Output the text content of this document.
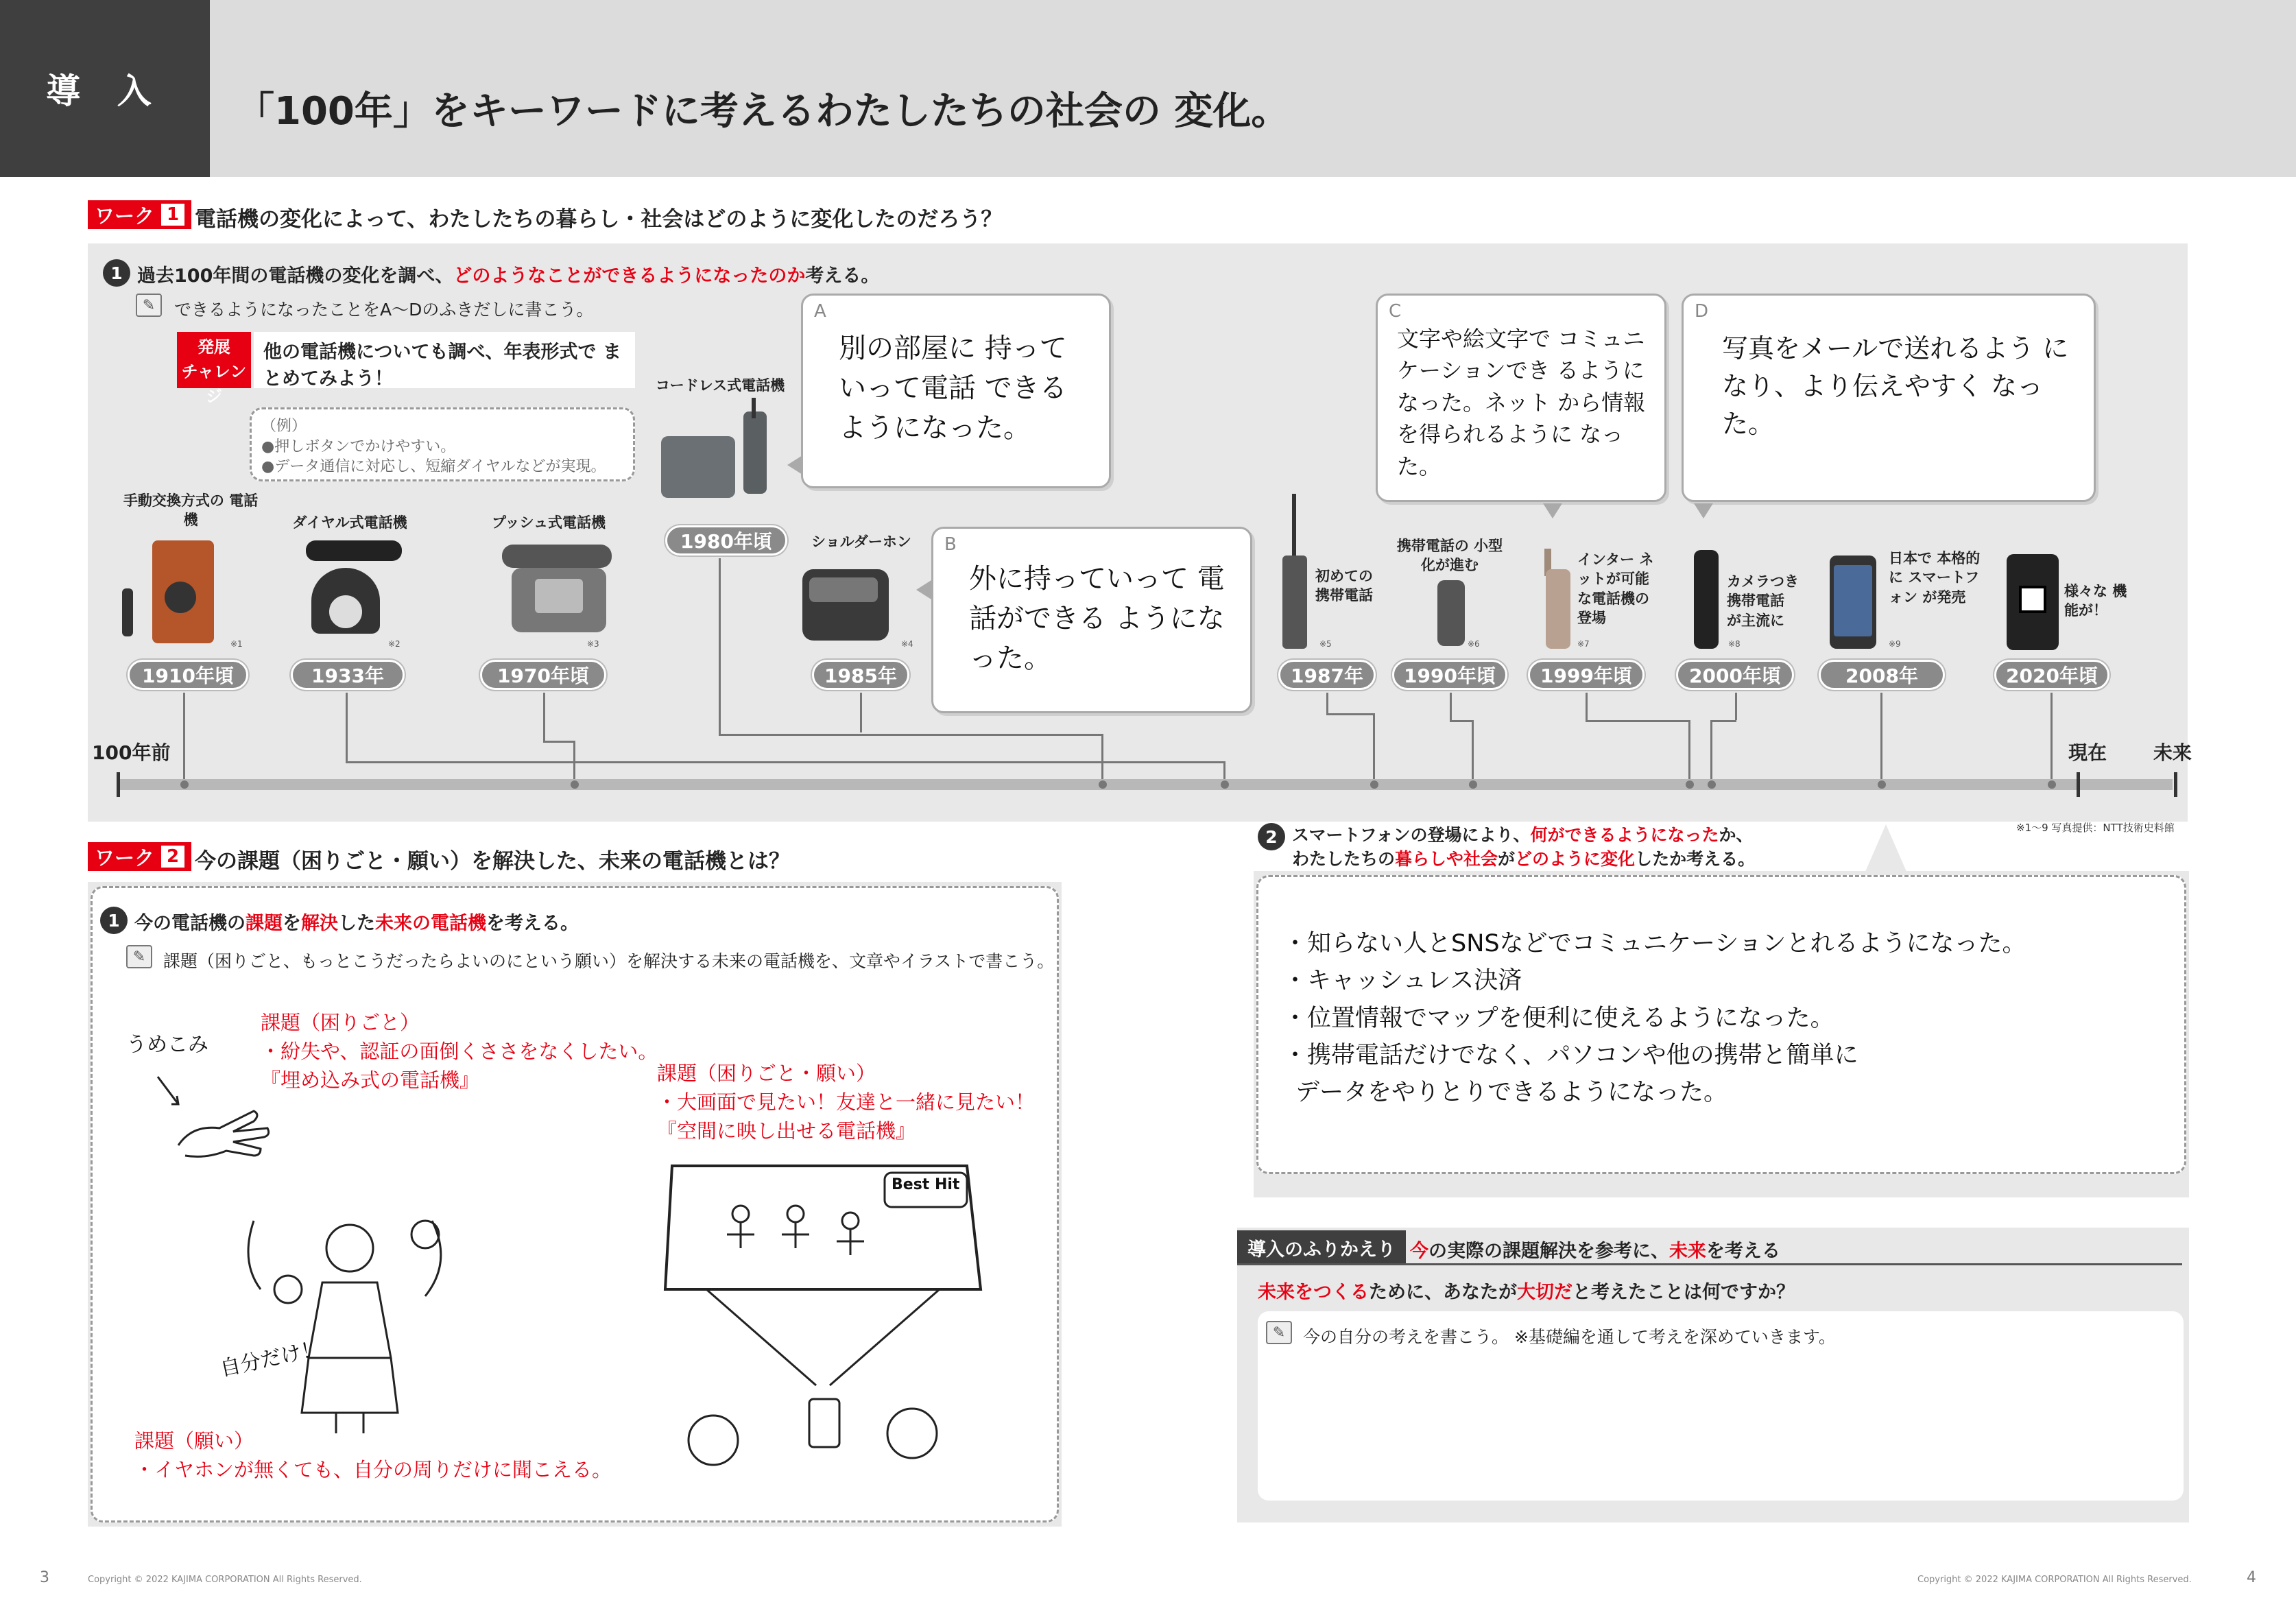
導 入	「100年」をキーワードに考えるわたしたちの社会の 変化。
ワーク 1 電話機の変化によって、わたしたちの暮らし・社会はどのように変化したのだろう？
1 過去100年間の電話機の変化を調べ、どのようなことができるようになったのか考える。
✎	できるようになったことをA〜Dのふきだしに書こう。
発展
チャレンジ
他の電話機についても調べ、年表形式で まとめてみよう！
（例）
●押しボタンでかけやすい。
●データ通信に対応し、短縮ダイヤルなどが実現。
A
別の部屋に 持っていって電話 できるようになった。
B
外に持っていって 電話ができる ようになった。
C
文字や絵文字で コミュニケーションでき るようになった。ネット から情報を得られるように なった。
D
写真をメールで送れるよう になり、より伝えやすく なった。
手動交換方式の 電話機
※1
1910年頃
ダイヤル式電話機
※2
1933年
プッシュ式電話機
※3
1970年頃
コードレス式電話機
1980年頃	ショルダーホン
※4
1985年
※5
初めての 携帯電話
1987年
携帯電話の 小型化が進む
※6
1990年頃
インター ネットが可能 な電話機の 登場
※7
1999年頃
カメラつき 携帯電話 が主流に
※8
2000年頃
日本で 本格的に スマートフォン が発売
※9
2008年
様々な 機能が！
2020年頃
100年前	現在 未来
※1〜9 写真提供：NTT技術史料館
2 スマートフォンの登場により、何ができるようになったか、
わたしたちの暮らしや社会がどのように変化したか考える。
・知らない人とSNSなどでコミュニケーションとれるようになった。
・キャッシュレス決済
・位置情報でマップを便利に使えるようになった。
・携帯電話だけでなく、パソコンや他の携帯と簡単に
データをやりとりできるようになった。
ワーク 2 今の課題（困りごと・願い）を解決した、未来の電話機とは？
1 今の電話機の課題を解決した未来の電話機を考える。
✎	課題（困りごと、もっとこうだったらよいのにという願い）を解決する未来の電話機を、文章やイラストで書こう。
課題（困りごと）
・紛失や、認証の面倒くささをなくしたい。
『埋め込み式の電話機』	課題（困りごと・願い）
・大画面で見たい！友達と一緒に見たい！
『空間に映し出せる電話機』
課題（願い）
・イヤホンが無くても、自分の周りだけに聞こえる。
うめこみ
自分だけ！
Best Hit
導入のふりかえり 今の実際の課題解決を参考に、未来を考える
未来をつくるために、あなたが大切だと考えたことは何ですか？
✎	今の自分の考えを書こう。 ※基礎編を通して考えを深めていきます。
3	Copyright © 2022 KAJIMA CORPORATION All Rights Reserved.	Copyright © 2022 KAJIMA CORPORATION All Rights Reserved.	4
